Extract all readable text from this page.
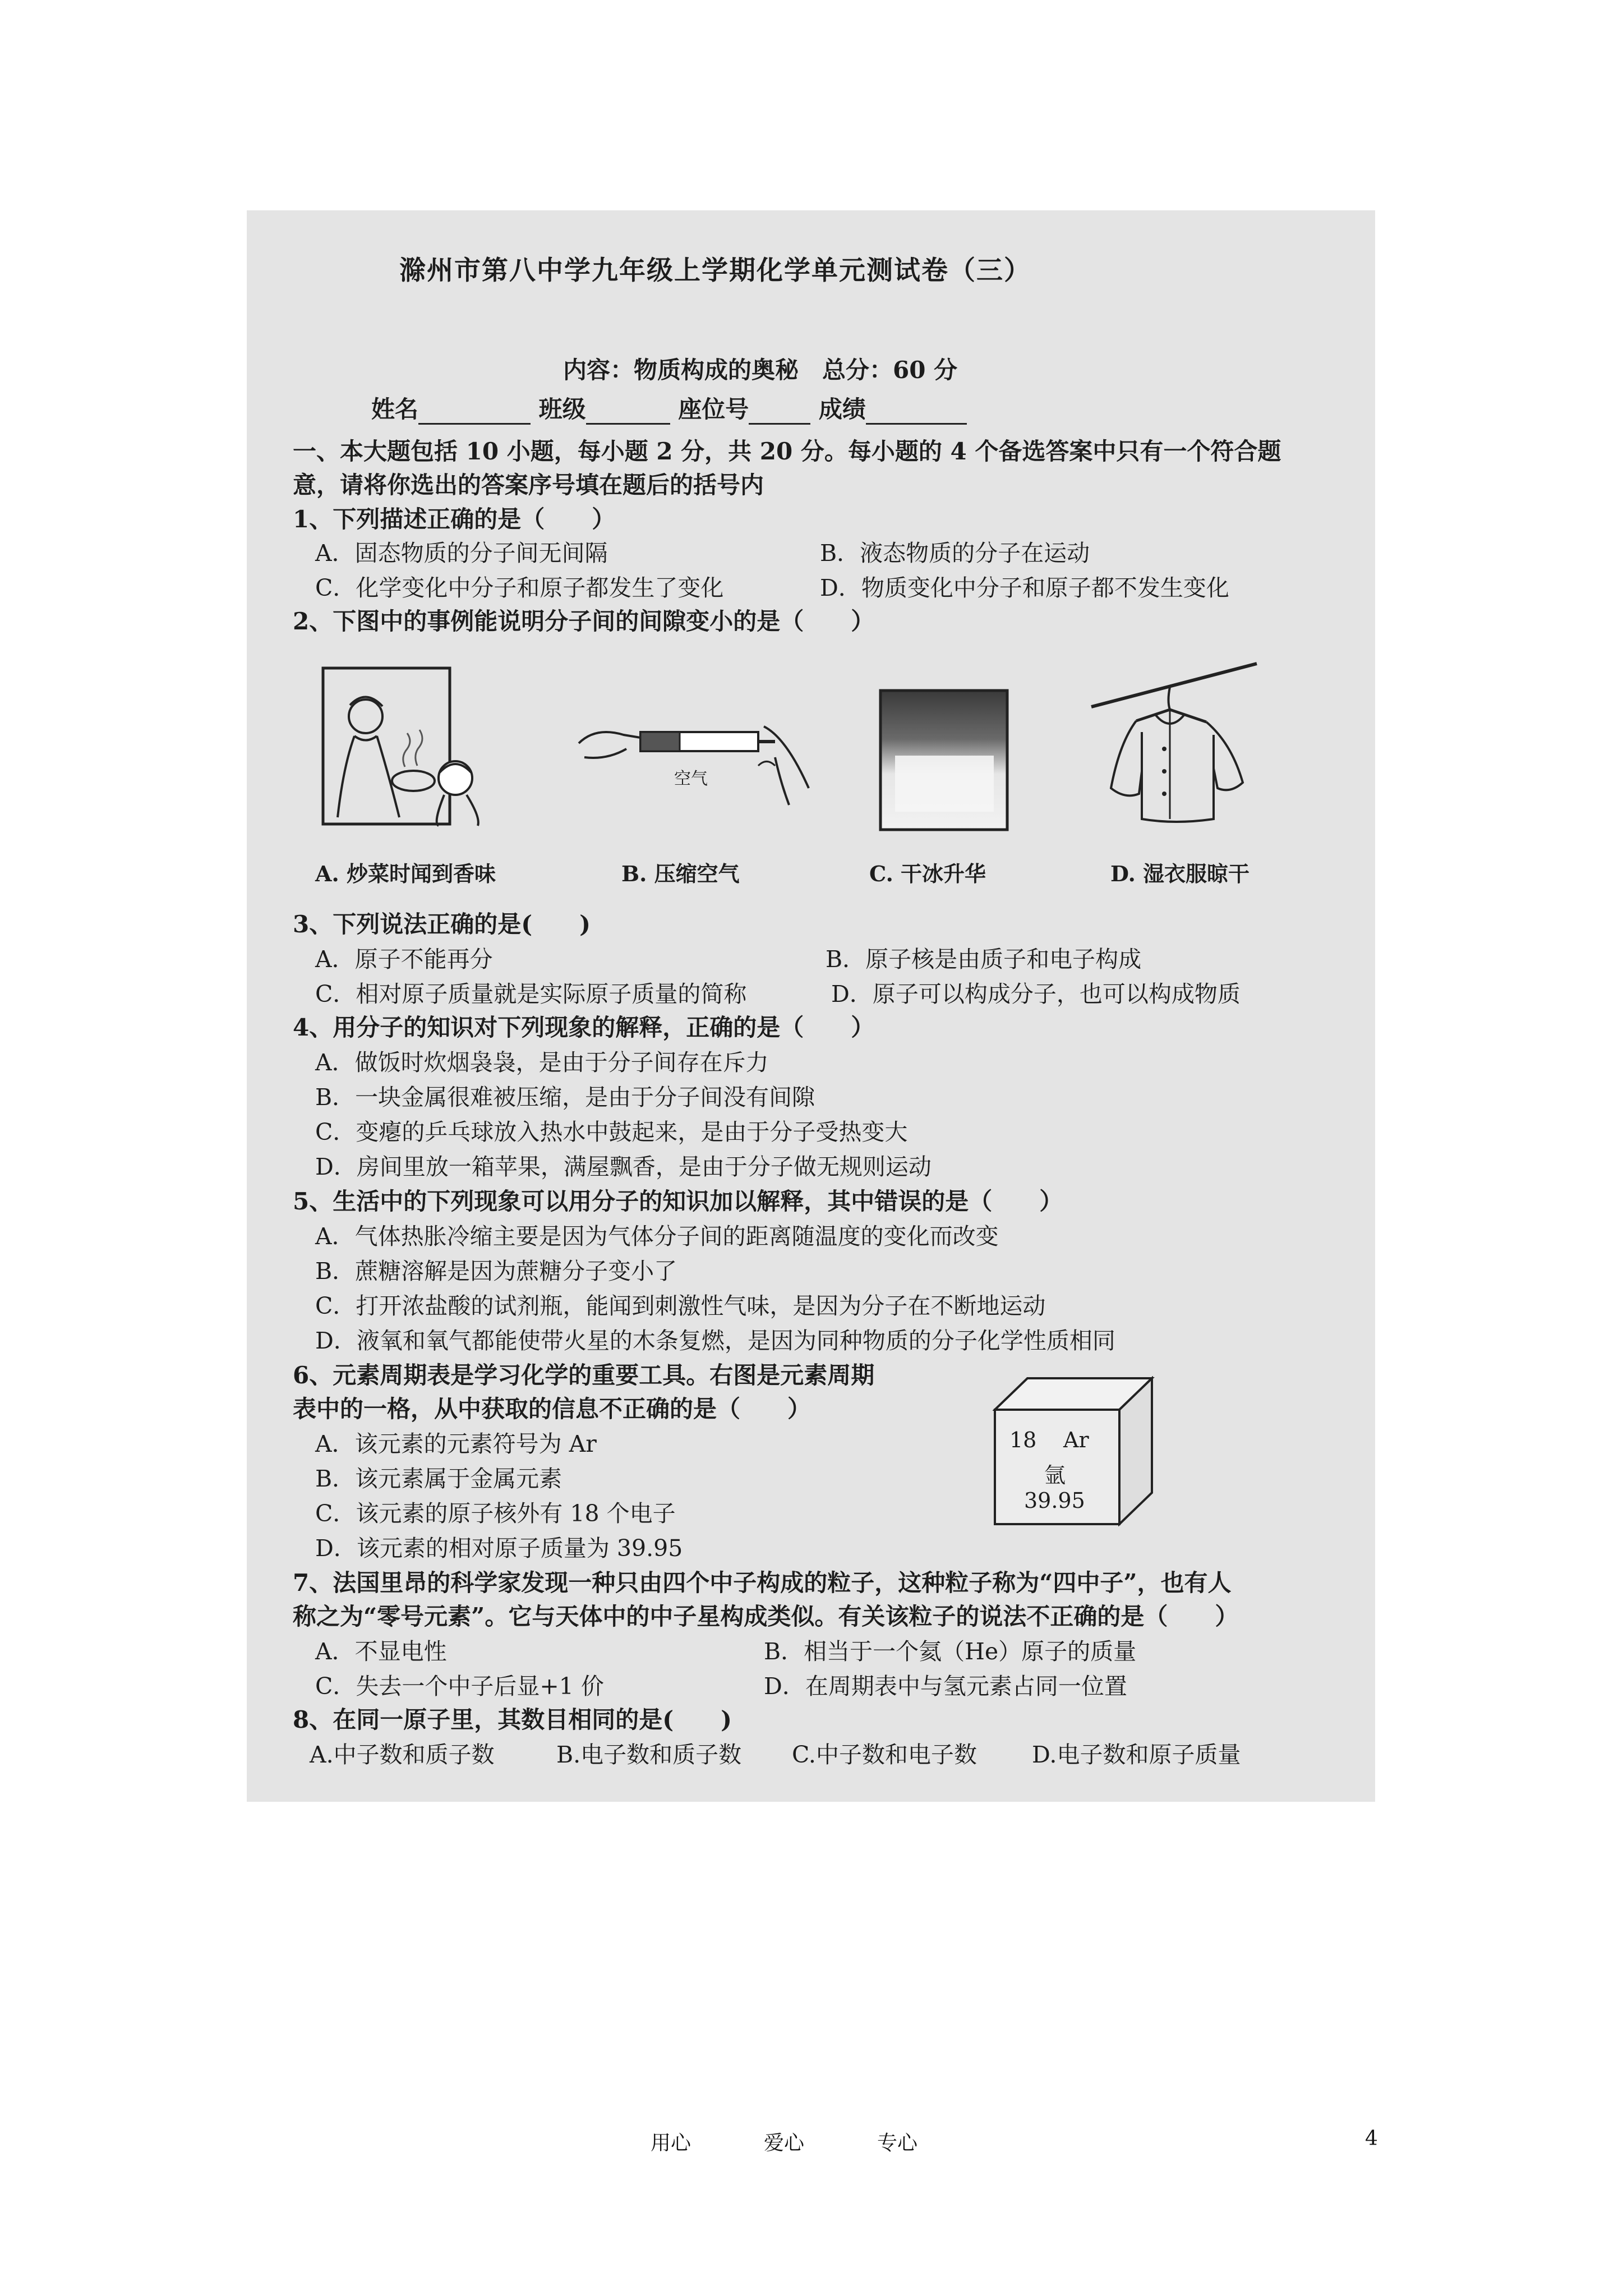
滁州市第八中学九年级上学期化学单元测试卷（三）
内容：物质构成的奥秘　总分：60 分
姓名	班级	座位号	成绩
一、本大题包括 10 小题，每小题 2 分，共 20 分。每小题的 4 个备选答案中只有一个符合题
意，请将你选出的答案序号填在题后的括号内
1、下列描述正确的是（　　）
A．固态物质的分子间无间隔	B．液态物质的分子在运动
C．化学变化中分子和原子都发生了变化	D．物质变化中分子和原子都不发生变化
2、下图中的事例能说明分子间的间隙变小的是（　　）
A. 炒菜时闻到香味
空气
B. 压缩空气	C. 干冰升华	D. 湿衣服晾干
3、下列说法正确的是(　　)
A．原子不能再分	B．原子核是由质子和电子构成
C．相对原子质量就是实际原子质量的简称	D．原子可以构成分子，也可以构成物质
4、用分子的知识对下列现象的解释，正确的是（　　）
A．做饭时炊烟袅袅，是由于分子间存在斥力
B．一块金属很难被压缩，是由于分子间没有间隙
C．变瘪的乒乓球放入热水中鼓起来，是由于分子受热变大
D．房间里放一箱苹果，满屋飘香，是由于分子做无规则运动
5、生活中的下列现象可以用分子的知识加以解释，其中错误的是（　　）
A．气体热胀冷缩主要是因为气体分子间的距离随温度的变化而改变
B．蔗糖溶解是因为蔗糖分子变小了
C．打开浓盐酸的试剂瓶，能闻到刺激性气味，是因为分子在不断地运动
D．液氧和氧气都能使带火星的木条复燃，是因为同种物质的分子化学性质相同
6、元素周期表是学习化学的重要工具。右图是元素周期
表中的一格，从中获取的信息不正确的是（　　）
A．该元素的元素符号为 Ar
B．该元素属于金属元素
C．该元素的原子核外有 18 个电子
D．该元素的相对原子质量为 39.95
18 Ar
氩
39.95
7、法国里昂的科学家发现一种只由四个中子构成的粒子，这种粒子称为“四中子”，也有人
称之为“零号元素”。它与天体中的中子星构成类似。有关该粒子的说法不正确的是（　　）
A．不显电性	B．相当于一个氦（He）原子的质量
C．失去一个中子后显+1 价	D．在周期表中与氢元素占同一位置
8、在同一原子里，其数目相同的是(　　)
A.中子数和质子数	B.电子数和质子数 C.中子数和电子数 D.电子数和原子质量
用心	爱心	专心	4
